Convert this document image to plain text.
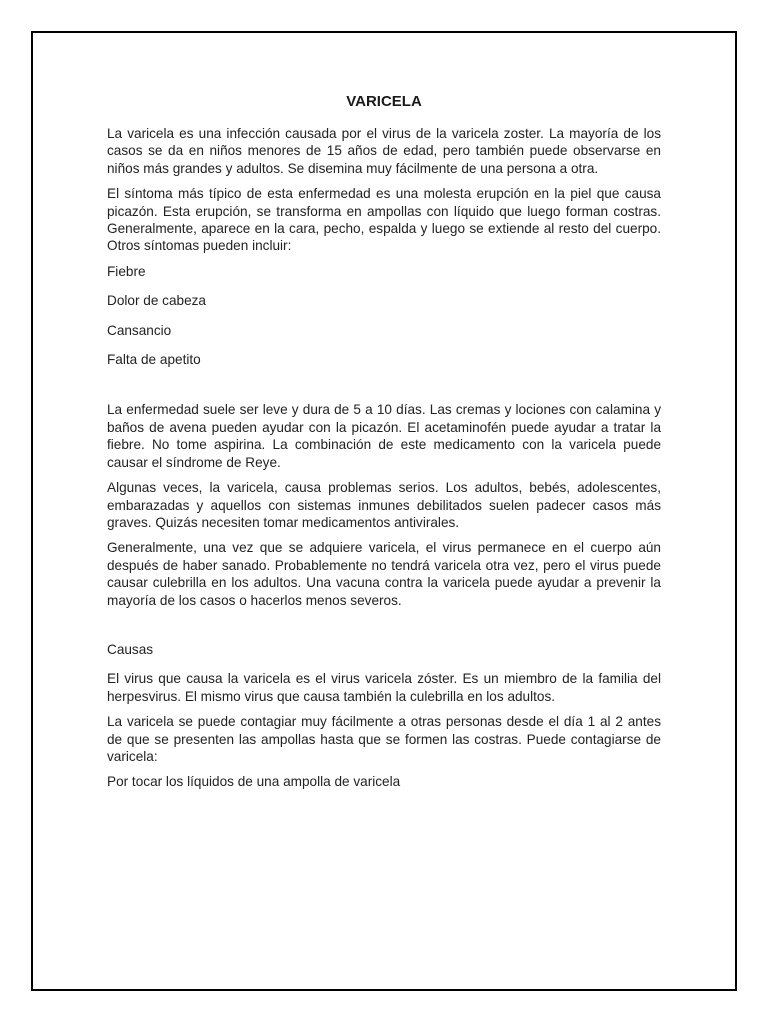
VARICELA

La varicela es una infección causada por el virus de la varicela zoster. La mayoría de los casos se da en niños menores de 15 años de edad, pero también puede observarse en niños más grandes y adultos. Se disemina muy fácilmente de una persona a otra.

El síntoma más típico de esta enfermedad es una molesta erupción en la piel que causa picazón. Esta erupción, se transforma en ampollas con líquido que luego forman costras. Generalmente, aparece en la cara, pecho, espalda y luego se extiende al resto del cuerpo. Otros síntomas pueden incluir:

Fiebre

Dolor de cabeza

Cansancio

Falta de apetito

La enfermedad suele ser leve y dura de 5 a 10 días. Las cremas y lociones con calamina y baños de avena pueden ayudar con la picazón. El acetaminofén puede ayudar a tratar la fiebre. No tome aspirina. La combinación de este medicamento con la varicela puede causar el síndrome de Reye.

Algunas veces, la varicela, causa problemas serios. Los adultos, bebés, adolescentes, embarazadas y aquellos con sistemas inmunes debilitados suelen padecer casos más graves. Quizás necesiten tomar medicamentos antivirales.

Generalmente, una vez que se adquiere varicela, el virus permanece en el cuerpo aún después de haber sanado. Probablemente no tendrá varicela otra vez, pero el virus puede causar culebrilla en los adultos. Una vacuna contra la varicela puede ayudar a prevenir la mayoría de los casos o hacerlos menos severos.

Causas

El virus que causa la varicela es el virus varicela zóster. Es un miembro de la familia del herpesvirus. El mismo virus que causa también la culebrilla en los adultos.

La varicela se puede contagiar muy fácilmente a otras personas desde el día 1 al 2 antes de que se presenten las ampollas hasta que se formen las costras. Puede contagiarse de varicela:

Por tocar los líquidos de una ampolla de varicela
